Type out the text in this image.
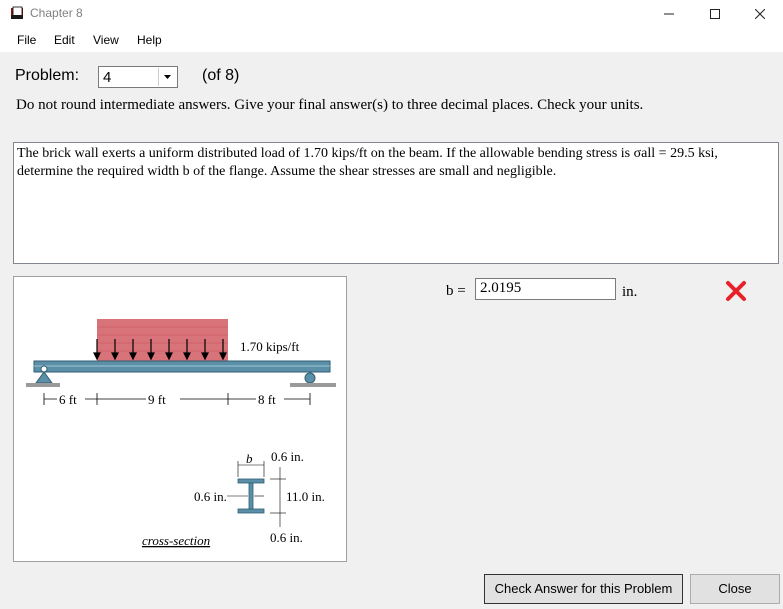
Chapter 8
File Edit View Help
Problem: 4	(of 8)
Do not round intermediate answers. Give your final answer(s) to three decimal places. Check your units.
The brick wall exerts a uniform distributed load of 1.70 kips/ft on the beam. If the allowable bending stress is σall = 29.5 ksi,
determine the required width b of the flange. Assume the shear stresses are small and negligible.
1.70 kips/ft
6 ft	9 ft	8 ft
b 0.6 in.
0.6 in.	11.0 in.
0.6 in.
cross-section
b = 2.0195	in.
Check Answer for this Problem	Close
